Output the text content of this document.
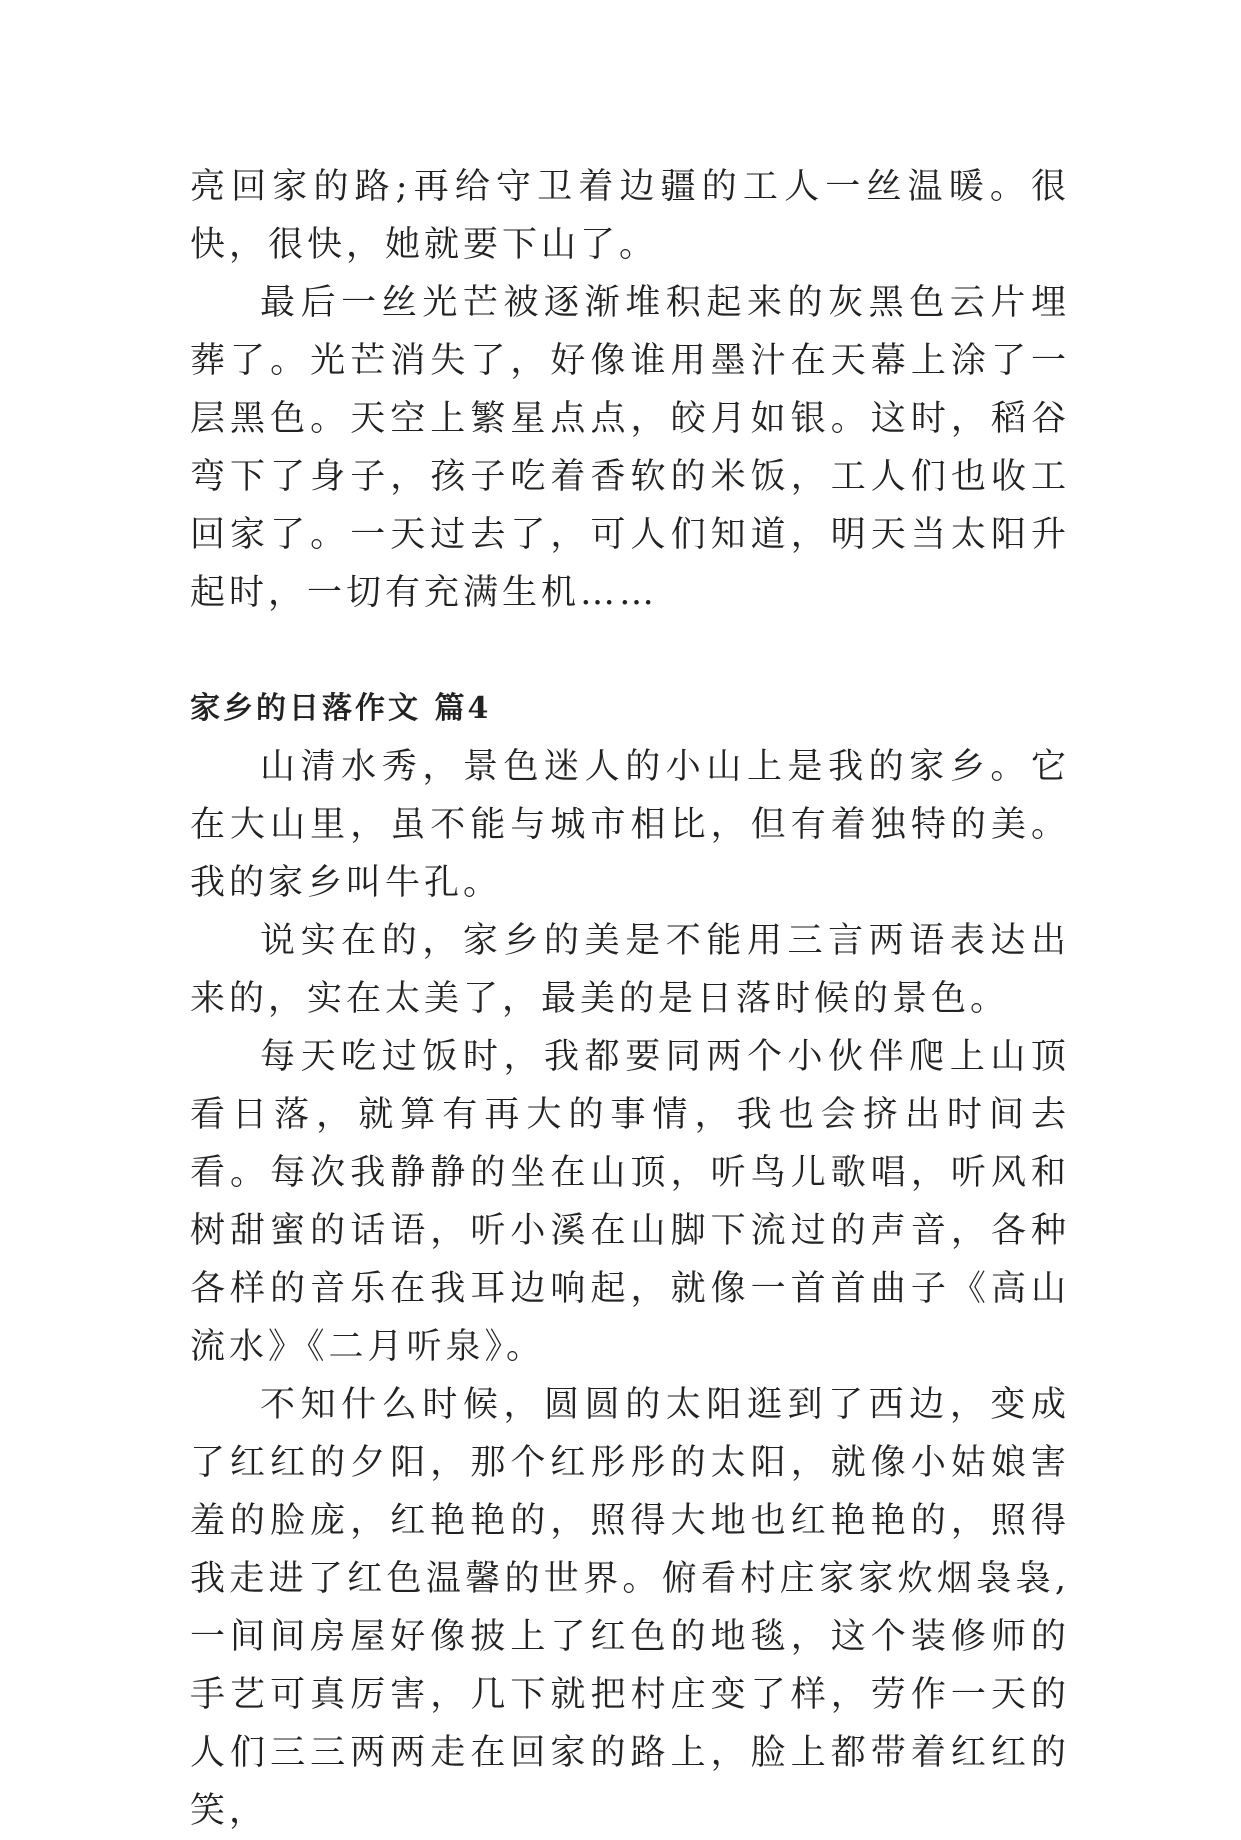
亮回家的路;再给守卫着边疆的工人一丝温暖。很快，很快，她就要下山了。

最后一丝光芒被逐渐堆积起来的灰黑色云片埋葬了。光芒消失了，好像谁用墨汁在天幕上涂了一层黑色。天空上繁星点点，皎月如银。这时，稻谷弯下了身子，孩子吃着香软的米饭，工人们也收工回家了。一天过去了，可人们知道，明天当太阳升起时，一切有充满生机……

家乡的日落作文 篇4

山清水秀，景色迷人的小山上是我的家乡。它在大山里，虽不能与城市相比，但有着独特的美。我的家乡叫牛孔。

说实在的，家乡的美是不能用三言两语表达出来的，实在太美了，最美的是日落时候的景色。

每天吃过饭时，我都要同两个小伙伴爬上山顶看日落，就算有再大的事情，我也会挤出时间去看。每次我静静的坐在山顶，听鸟儿歌唱，听风和树甜蜜的话语，听小溪在山脚下流过的声音，各种各样的音乐在我耳边响起，就像一首首曲子《高山流水》《二月听泉》。

不知什么时候，圆圆的太阳逛到了西边，变成了红红的夕阳，那个红彤彤的太阳，就像小姑娘害羞的脸庞，红艳艳的，照得大地也红艳艳的，照得我走进了红色温馨的世界。俯看村庄家家炊烟袅袅,一间间房屋好像披上了红色的地毯，这个装修师的手艺可真厉害，几下就把村庄变了样，劳作一天的人们三三两两走在回家的路上，脸上都带着红红的笑，
